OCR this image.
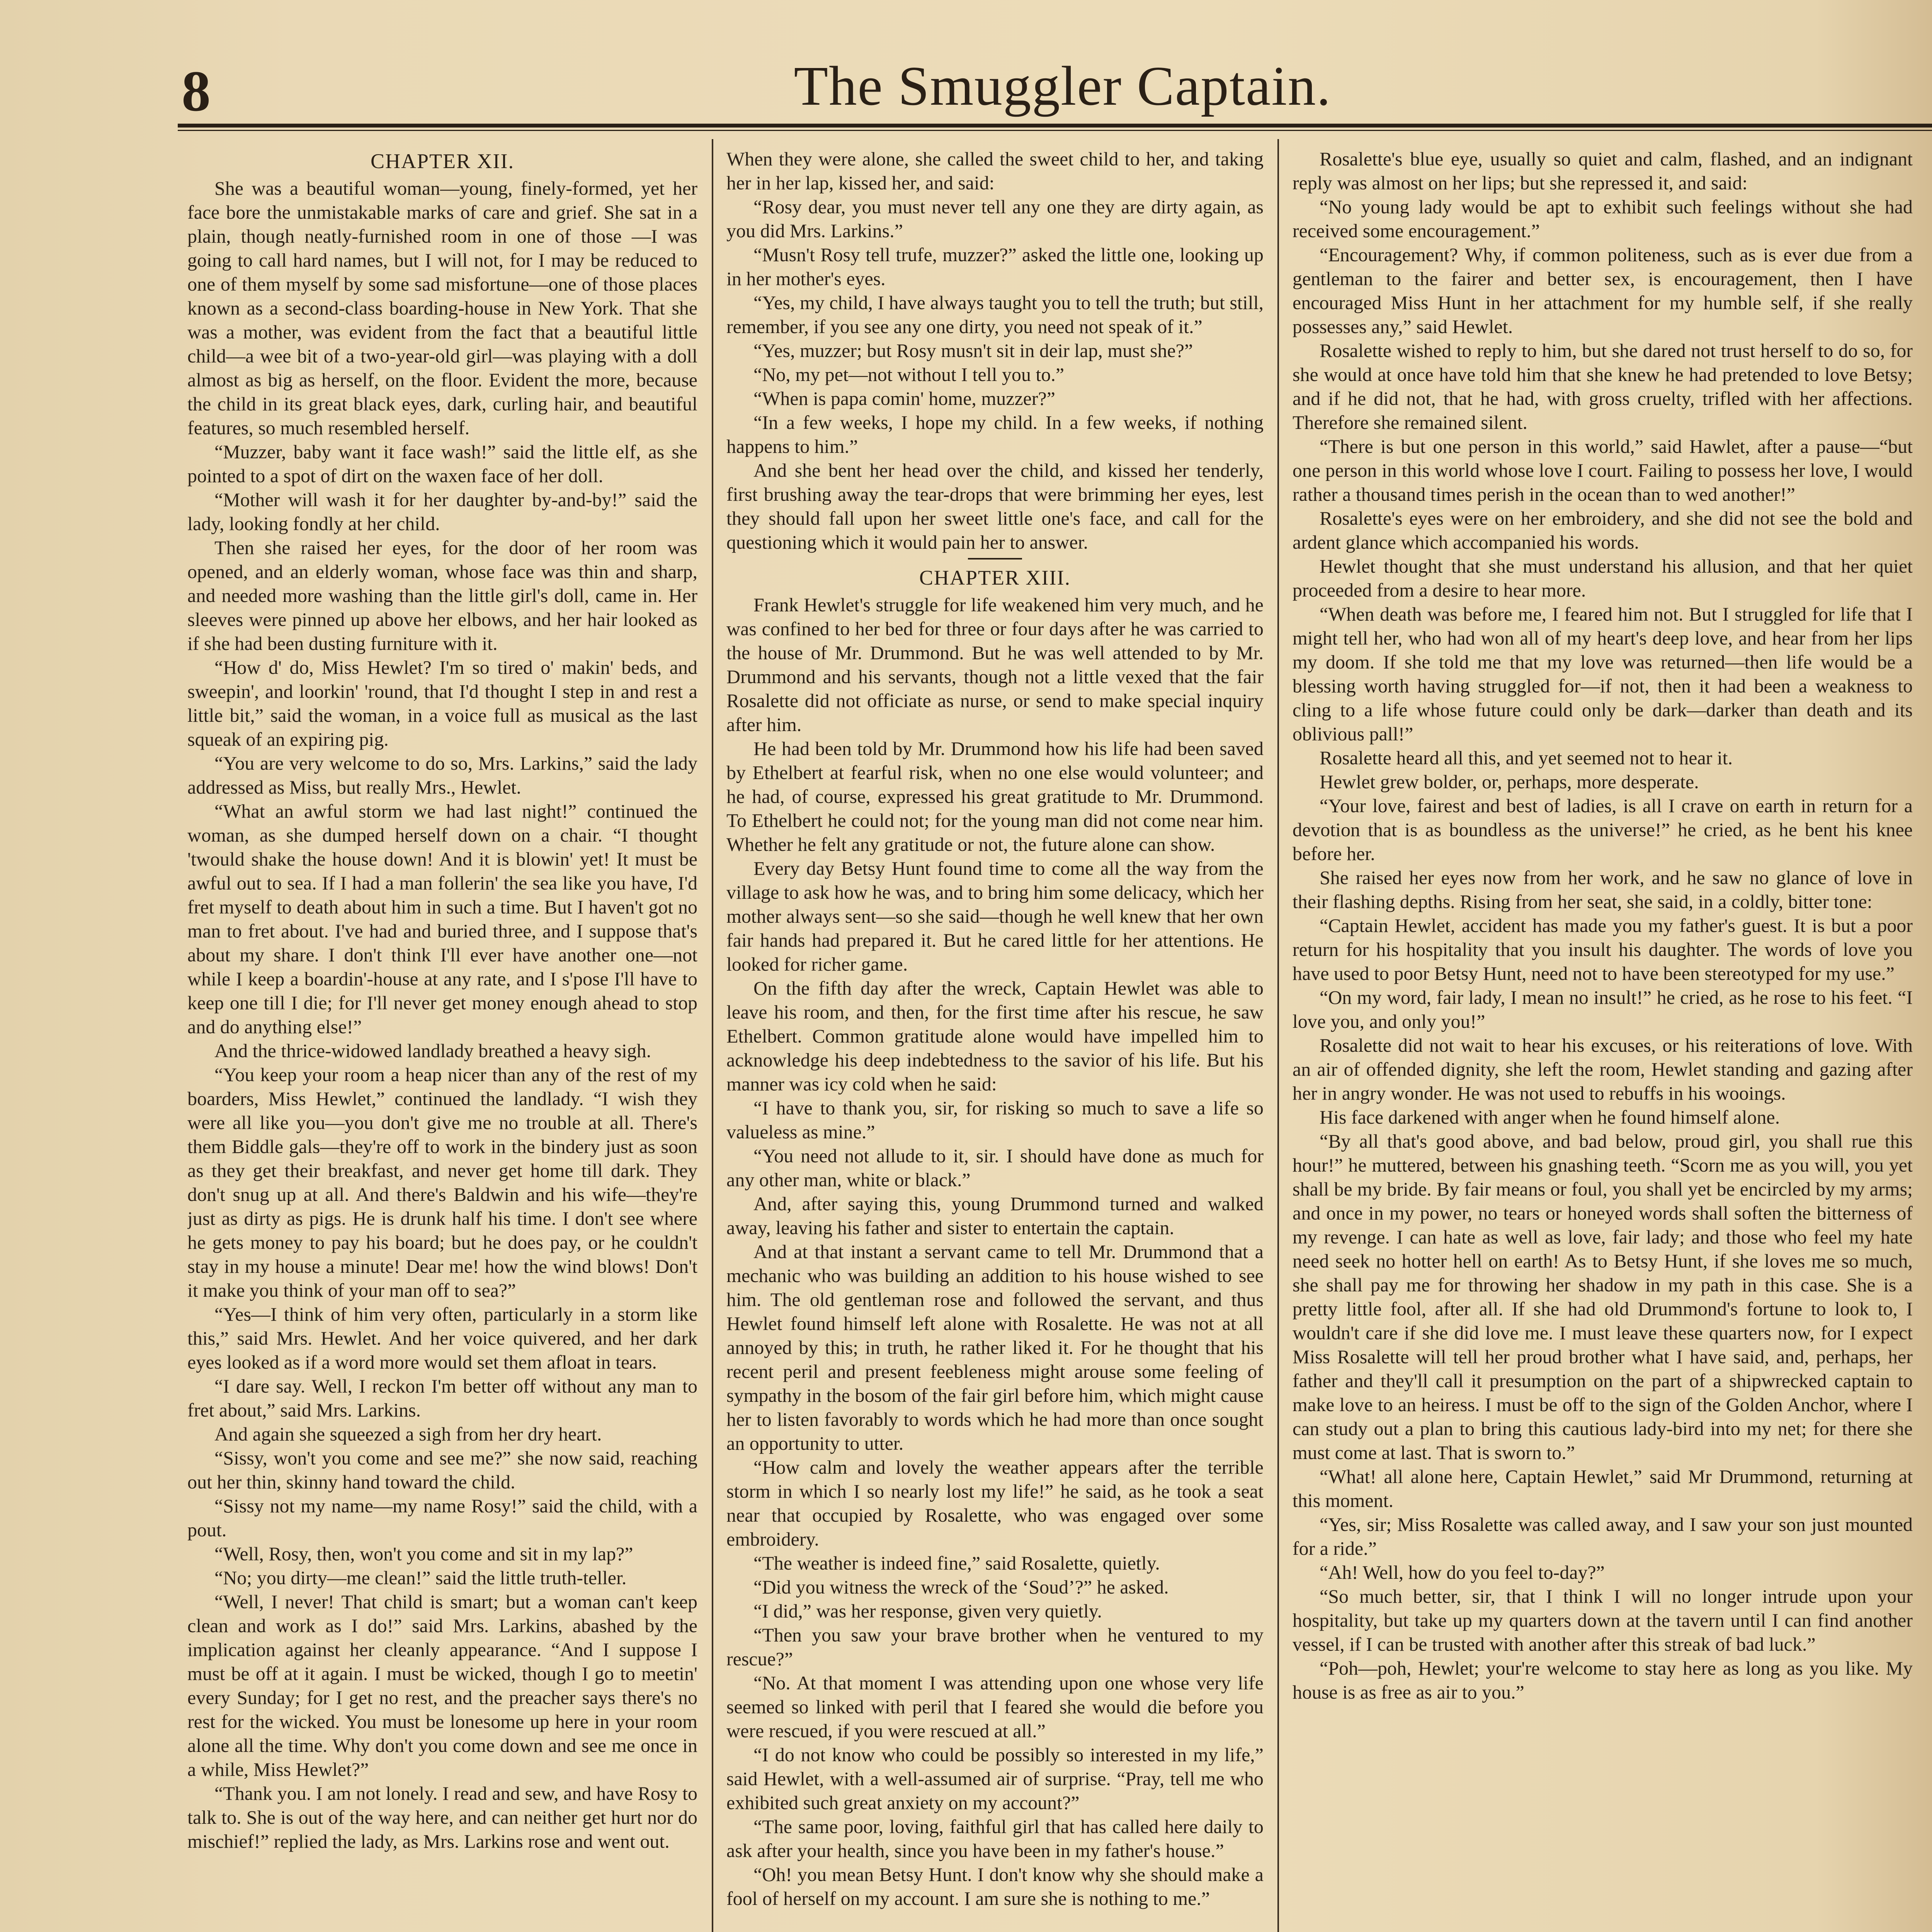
8	The Smuggler Captain.
CHAPTER XII.

She was a beautiful woman—young, finely-formed, yet her face bore the unmistakable marks of care and grief. She sat in a plain, though neatly-furnished room in one of those —I was going to call hard names, but I will not, for I may be reduced to one of them myself by some sad misfortune—one of those places known as a second-class boarding-house in New York. That she was a mother, was evident from the fact that a beautiful little child—a wee bit of a two-year-old girl—was playing with a doll almost as big as herself, on the floor. Evident the more, because the child in its great black eyes, dark, curling hair, and beautiful features, so much resembled herself.

“Muzzer, baby want it face wash!” said the little elf, as she pointed to a spot of dirt on the waxen face of her doll.

“Mother will wash it for her daughter by-and-by!” said the lady, looking fondly at her child.

Then she raised her eyes, for the door of her room was opened, and an elderly woman, whose face was thin and sharp, and needed more washing than the little girl's doll, came in. Her sleeves were pinned up above her elbows, and her hair looked as if she had been dusting furniture with it.

“How d' do, Miss Hewlet? I'm so tired o' makin' beds, and sweepin', and loorkin' 'round, that I'd thought I step in and rest a little bit,” said the woman, in a voice full as musical as the last squeak of an expiring pig.

“You are very welcome to do so, Mrs. Larkins,” said the lady addressed as Miss, but really Mrs., Hewlet.

“What an awful storm we had last night!” continued the woman, as she dumped herself down on a chair. “I thought 'twould shake the house down! And it is blowin' yet! It must be awful out to sea. If I had a man follerin' the sea like you have, I'd fret myself to death about him in such a time. But I haven't got no man to fret about. I've had and buried three, and I suppose that's about my share. I don't think I'll ever have another one—not while I keep a boardin'-house at any rate, and I s'pose I'll have to keep one till I die; for I'll never get money enough ahead to stop and do anything else!”

And the thrice-widowed landlady breathed a heavy sigh.

“You keep your room a heap nicer than any of the rest of my boarders, Miss Hewlet,” continued the landlady. “I wish they were all like you—you don't give me no trouble at all. There's them Biddle gals—they're off to work in the bindery just as soon as they get their breakfast, and never get home till dark. They don't snug up at all. And there's Baldwin and his wife—they're just as dirty as pigs. He is drunk half his time. I don't see where he gets money to pay his board; but he does pay, or he couldn't stay in my house a minute! Dear me! how the wind blows! Don't it make you think of your man off to sea?”

“Yes—I think of him very often, particularly in a storm like this,” said Mrs. Hewlet. And her voice quivered, and her dark eyes looked as if a word more would set them afloat in tears.

“I dare say. Well, I reckon I'm better off without any man to fret about,” said Mrs. Larkins.

And again she squeezed a sigh from her dry heart.

“Sissy, won't you come and see me?” she now said, reaching out her thin, skinny hand toward the child.

“Sissy not my name—my name Rosy!” said the child, with a pout.

“Well, Rosy, then, won't you come and sit in my lap?”

“No; you dirty—me clean!” said the little truth-teller.

“Well, I never! That child is smart; but a woman can't keep clean and work as I do!” said Mrs. Larkins, abashed by the implication against her cleanly appearance. “And I suppose I must be off at it again. I must be wicked, though I go to meetin' every Sunday; for I get no rest, and the preacher says there's no rest for the wicked. You must be lonesome up here in your room alone all the time. Why don't you come down and see me once in a while, Miss Hewlet?”

“Thank you. I am not lonely. I read and sew, and have Rosy to talk to. She is out of the way here, and can neither get hurt nor do mischief!” replied the lady, as Mrs. Larkins rose and went out.

When they were alone, she called the sweet child to her, and taking her in her lap, kissed her, and said:

“Rosy dear, you must never tell any one they are dirty again, as you did Mrs. Larkins.”

“Musn't Rosy tell trufe, muzzer?” asked the little one, looking up in her mother's eyes.

“Yes, my child, I have always taught you to tell the truth; but still, remember, if you see any one dirty, you need not speak of it.”

“Yes, muzzer; but Rosy musn't sit in deir lap, must she?”

“No, my pet—not without I tell you to.”

“When is papa comin' home, muzzer?”

“In a few weeks, I hope my child. In a few weeks, if nothing happens to him.”

And she bent her head over the child, and kissed her tenderly, first brushing away the tear-drops that were brimming her eyes, lest they should fall upon her sweet little one's face, and call for the questioning which it would pain her to answer.

CHAPTER XIII.

Frank Hewlet's struggle for life weakened him very much, and he was confined to her bed for three or four days after he was carried to the house of Mr. Drummond. But he was well attended to by Mr. Drummond and his servants, though not a little vexed that the fair Rosalette did not officiate as nurse, or send to make special inquiry after him.

He had been told by Mr. Drummond how his life had been saved by Ethelbert at fearful risk, when no one else would volunteer; and he had, of course, expressed his great gratitude to Mr. Drummond. To Ethelbert he could not; for the young man did not come near him. Whether he felt any gratitude or not, the future alone can show.

Every day Betsy Hunt found time to come all the way from the village to ask how he was, and to bring him some delicacy, which her mother always sent—so she said—though he well knew that her own fair hands had prepared it. But he cared little for her attentions. He looked for richer game.

On the fifth day after the wreck, Captain Hewlet was able to leave his room, and then, for the first time after his rescue, he saw Ethelbert. Common gratitude alone would have impelled him to acknowledge his deep indebtedness to the savior of his life. But his manner was icy cold when he said:

“I have to thank you, sir, for risking so much to save a life so valueless as mine.”

“You need not allude to it, sir. I should have done as much for any other man, white or black.”

And, after saying this, young Drummond turned and walked away, leaving his father and sister to entertain the captain.

And at that instant a servant came to tell Mr. Drummond that a mechanic who was building an addition to his house wished to see him. The old gentleman rose and followed the servant, and thus Hewlet found himself left alone with Rosalette. He was not at all annoyed by this; in truth, he rather liked it. For he thought that his recent peril and present feebleness might arouse some feeling of sympathy in the bosom of the fair girl before him, which might cause her to listen favorably to words which he had more than once sought an opportunity to utter.

“How calm and lovely the weather appears after the terrible storm in which I so nearly lost my life!” he said, as he took a seat near that occupied by Rosalette, who was engaged over some embroidery.

“The weather is indeed fine,” said Rosalette, quietly.

“Did you witness the wreck of the ‘Soud’?” he asked.

“I did,” was her response, given very quietly.

“Then you saw your brave brother when he ventured to my rescue?”

“No. At that moment I was attending upon one whose very life seemed so linked with peril that I feared she would die before you were rescued, if you were rescued at all.”

“I do not know who could be possibly so interested in my life,” said Hewlet, with a well-assumed air of surprise. “Pray, tell me who exhibited such great anxiety on my account?”

“The same poor, loving, faithful girl that has called here daily to ask after your health, since you have been in my father's house.”

“Oh! you mean Betsy Hunt. I don't know why she should make a fool of herself on my account. I am sure she is nothing to me.”

Rosalette's blue eye, usually so quiet and calm, flashed, and an indignant reply was almost on her lips; but she repressed it, and said:

“No young lady would be apt to exhibit such feelings without she had received some encouragement.”

“Encouragement? Why, if common politeness, such as is ever due from a gentleman to the fairer and better sex, is encouragement, then I have encouraged Miss Hunt in her attachment for my humble self, if she really possesses any,” said Hewlet.

Rosalette wished to reply to him, but she dared not trust herself to do so, for she would at once have told him that she knew he had pretended to love Betsy; and if he did not, that he had, with gross cruelty, trifled with her affections. Therefore she remained silent.

“There is but one person in this world,” said Hawlet, after a pause—“but one person in this world whose love I court. Failing to possess her love, I would rather a thousand times perish in the ocean than to wed another!”

Rosalette's eyes were on her embroidery, and she did not see the bold and ardent glance which accompanied his words.

Hewlet thought that she must understand his allusion, and that her quiet proceeded from a desire to hear more.

“When death was before me, I feared him not. But I struggled for life that I might tell her, who had won all of my heart's deep love, and hear from her lips my doom. If she told me that my love was returned—then life would be a blessing worth having struggled for—if not, then it had been a weakness to cling to a life whose future could only be dark—darker than death and its oblivious pall!”

Rosalette heard all this, and yet seemed not to hear it.

Hewlet grew bolder, or, perhaps, more desperate.

“Your love, fairest and best of ladies, is all I crave on earth in return for a devotion that is as boundless as the universe!” he cried, as he bent his knee before her.

She raised her eyes now from her work, and he saw no glance of love in their flashing depths. Rising from her seat, she said, in a coldly, bitter tone:

“Captain Hewlet, accident has made you my father's guest. It is but a poor return for his hospitality that you insult his daughter. The words of love you have used to poor Betsy Hunt, need not to have been stereotyped for my use.”

“On my word, fair lady, I mean no insult!” he cried, as he rose to his feet. “I love you, and only you!”

Rosalette did not wait to hear his excuses, or his reiterations of love. With an air of offended dignity, she left the room, Hewlet standing and gazing after her in angry wonder. He was not used to rebuffs in his wooings.

His face darkened with anger when he found himself alone.

“By all that's good above, and bad below, proud girl, you shall rue this hour!” he muttered, between his gnashing teeth. “Scorn me as you will, you yet shall be my bride. By fair means or foul, you shall yet be encircled by my arms; and once in my power, no tears or honeyed words shall soften the bitterness of my revenge. I can hate as well as love, fair lady; and those who feel my hate need seek no hotter hell on earth! As to Betsy Hunt, if she loves me so much, she shall pay me for throwing her shadow in my path in this case. She is a pretty little fool, after all. If she had old Drummond's fortune to look to, I wouldn't care if she did love me. I must leave these quarters now, for I expect Miss Rosalette will tell her proud brother what I have said, and, perhaps, her father and they'll call it presumption on the part of a shipwrecked captain to make love to an heiress. I must be off to the sign of the Golden Anchor, where I can study out a plan to bring this cautious lady-bird into my net; for there she must come at last. That is sworn to.”

“What! all alone here, Captain Hewlet,” said Mr Drummond, returning at this moment.

“Yes, sir; Miss Rosalette was called away, and I saw your son just mounted for a ride.”

“Ah! Well, how do you feel to-day?”

“So much better, sir, that I think I will no longer intrude upon your hospitality, but take up my quarters down at the tavern until I can find another vessel, if I can be trusted with another after this streak of bad luck.”

“Poh—poh, Hewlet; your're welcome to stay here as long as you like. My house is as free as air to you.”
